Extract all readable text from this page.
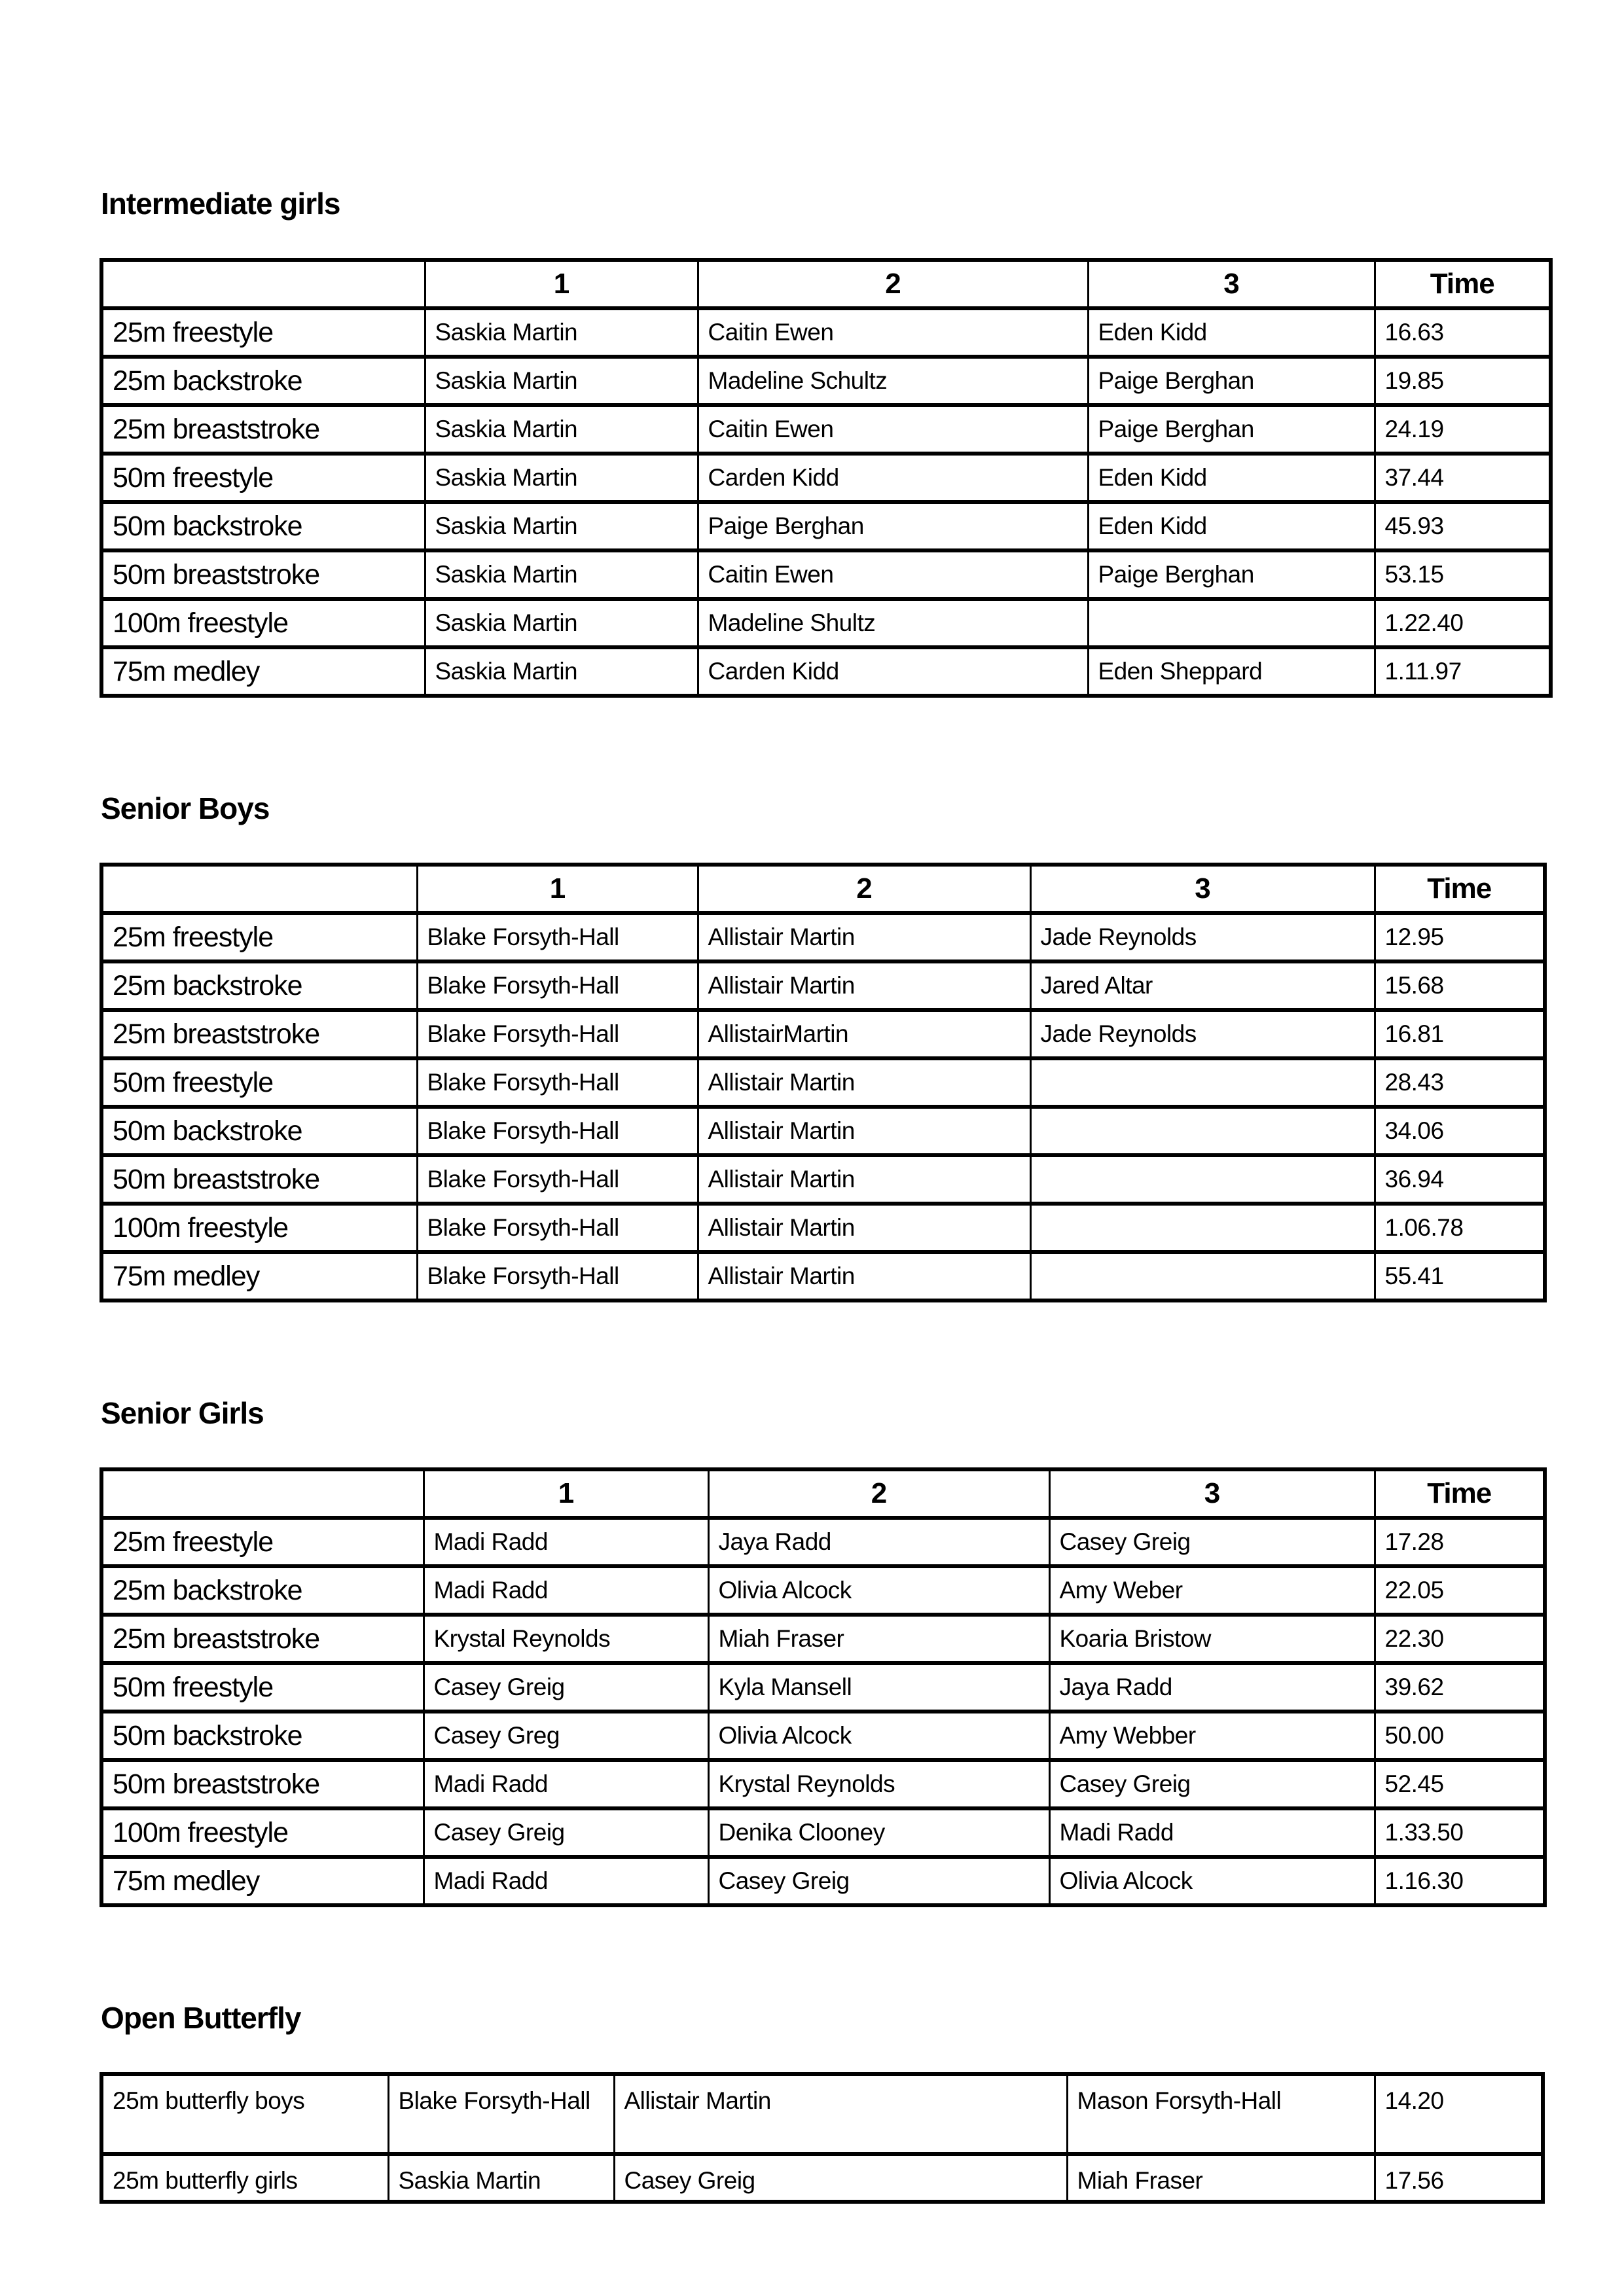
Intermediate girls
	1	2	3	Time
25m freestyle	Saskia Martin	Caitin Ewen	Eden Kidd	16.63
25m backstroke	Saskia Martin	Madeline Schultz	Paige Berghan	19.85
25m breaststroke	Saskia Martin	Caitin Ewen	Paige Berghan	24.19
50m freestyle	Saskia Martin	Carden Kidd	Eden Kidd	37.44
50m backstroke	Saskia Martin	Paige Berghan	Eden Kidd	45.93
50m breaststroke	Saskia Martin	Caitin Ewen	Paige Berghan	53.15
100m freestyle	Saskia Martin	Madeline Shultz		1.22.40
75m medley	Saskia Martin	Carden Kidd	Eden Sheppard	1.11.97
Senior Boys
	1	2	3	Time
25m freestyle	Blake Forsyth-Hall	Allistair Martin	Jade Reynolds	12.95
25m backstroke	Blake Forsyth-Hall	Allistair Martin	Jared Altar	15.68
25m breaststroke	Blake Forsyth-Hall	AllistairMartin	Jade Reynolds	16.81
50m freestyle	Blake Forsyth-Hall	Allistair Martin		28.43
50m backstroke	Blake Forsyth-Hall	Allistair Martin		34.06
50m breaststroke	Blake Forsyth-Hall	Allistair Martin		36.94
100m freestyle	Blake Forsyth-Hall	Allistair Martin		1.06.78
75m medley	Blake Forsyth-Hall	Allistair Martin		55.41
Senior Girls
	1	2	3	Time
25m freestyle	Madi Radd	Jaya Radd	Casey Greig	17.28
25m backstroke	Madi Radd	Olivia Alcock	Amy Weber	22.05
25m breaststroke	Krystal Reynolds	Miah Fraser	Koaria Bristow	22.30
50m freestyle	Casey Greig	Kyla Mansell	Jaya Radd	39.62
50m backstroke	Casey Greg	Olivia Alcock	Amy Webber	50.00
50m breaststroke	Madi Radd	Krystal Reynolds	Casey Greig	52.45
100m freestyle	Casey Greig	Denika Clooney	Madi Radd	1.33.50
75m medley	Madi Radd	Casey Greig	Olivia Alcock	1.16.30
Open Butterfly
25m butterfly boys	Blake Forsyth-Hall	Allistair Martin	Mason Forsyth-Hall	14.20
25m butterfly girls	Saskia Martin	Casey Greig	Miah Fraser	17.56
